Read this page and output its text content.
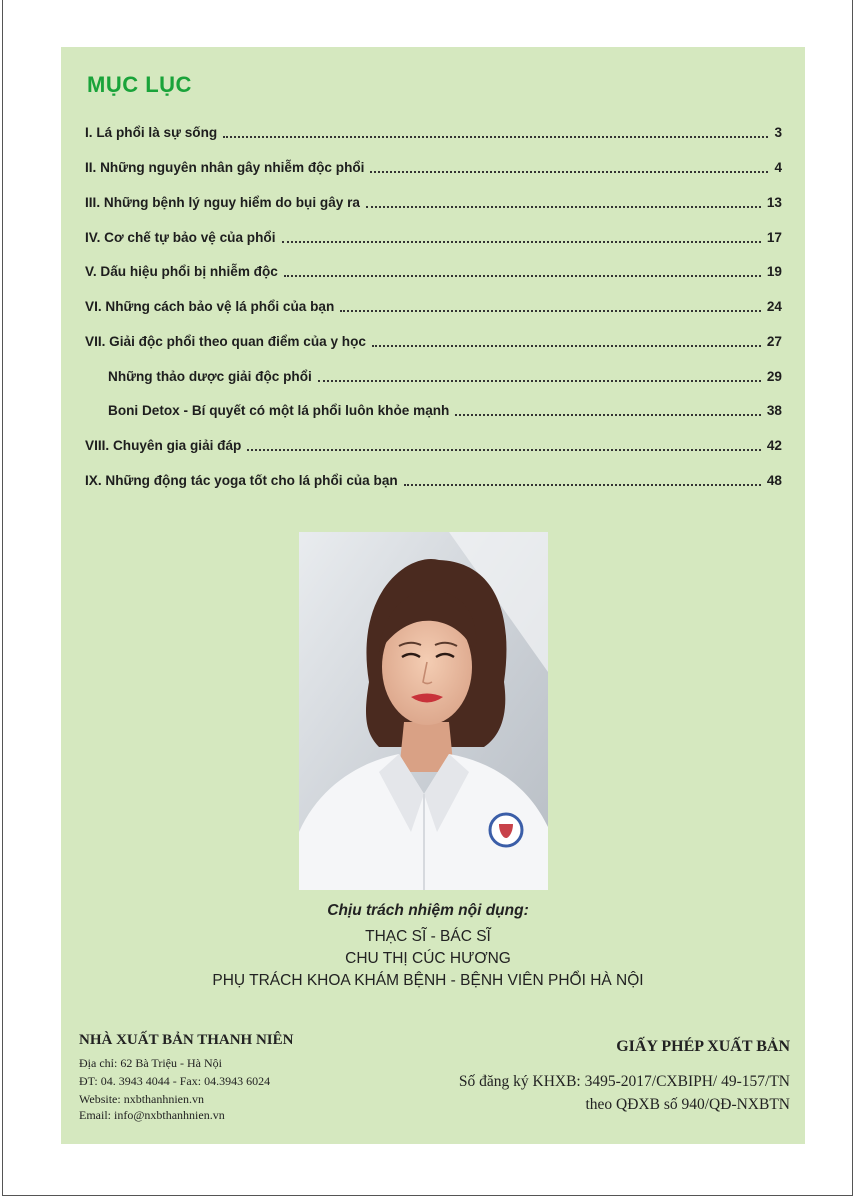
MỤC LỤC
I. Lá phổi là sự sống	3
II. Những nguyên nhân gây nhiễm độc phổi	4
III. Những bệnh lý nguy hiểm do bụi gây ra	13
IV. Cơ chế tự bảo vệ của phổi	17
V. Dấu hiệu phổi bị nhiễm độc	19
VI. Những cách bảo vệ lá phổi của bạn	24
VII. Giải độc phổi theo quan điểm của y học	27
Những thảo dược giải độc phổi	29
Boni Detox - Bí quyết có một lá phổi luôn khỏe mạnh	38
VIII. Chuyên gia giải đáp	42
IX. Những động tác yoga tốt cho lá phổi của bạn	48
Chịu trách nhiệm nội dụng:
THẠC SĨ - BÁC SĨ
CHU THỊ CÚC HƯƠNG
PHỤ TRÁCH KHOA KHÁM BỆNH - BỆNH VIÊN PHỔI HÀ NỘI
NHÀ XUẤT BẢN THANH NIÊN
Địa chỉ: 62 Bà Triệu - Hà Nội
ĐT: 04. 3943 4044 - Fax: 04.3943 6024
Website: nxbthanhnien.vn
Email: info@nxbthanhnien.vn
GIẤY PHÉP XUẤT BẢN
Số đăng ký KHXB: 3495-2017/CXBIPH/ 49-157/TN
theo QĐXB số 940/QĐ-NXBTN
